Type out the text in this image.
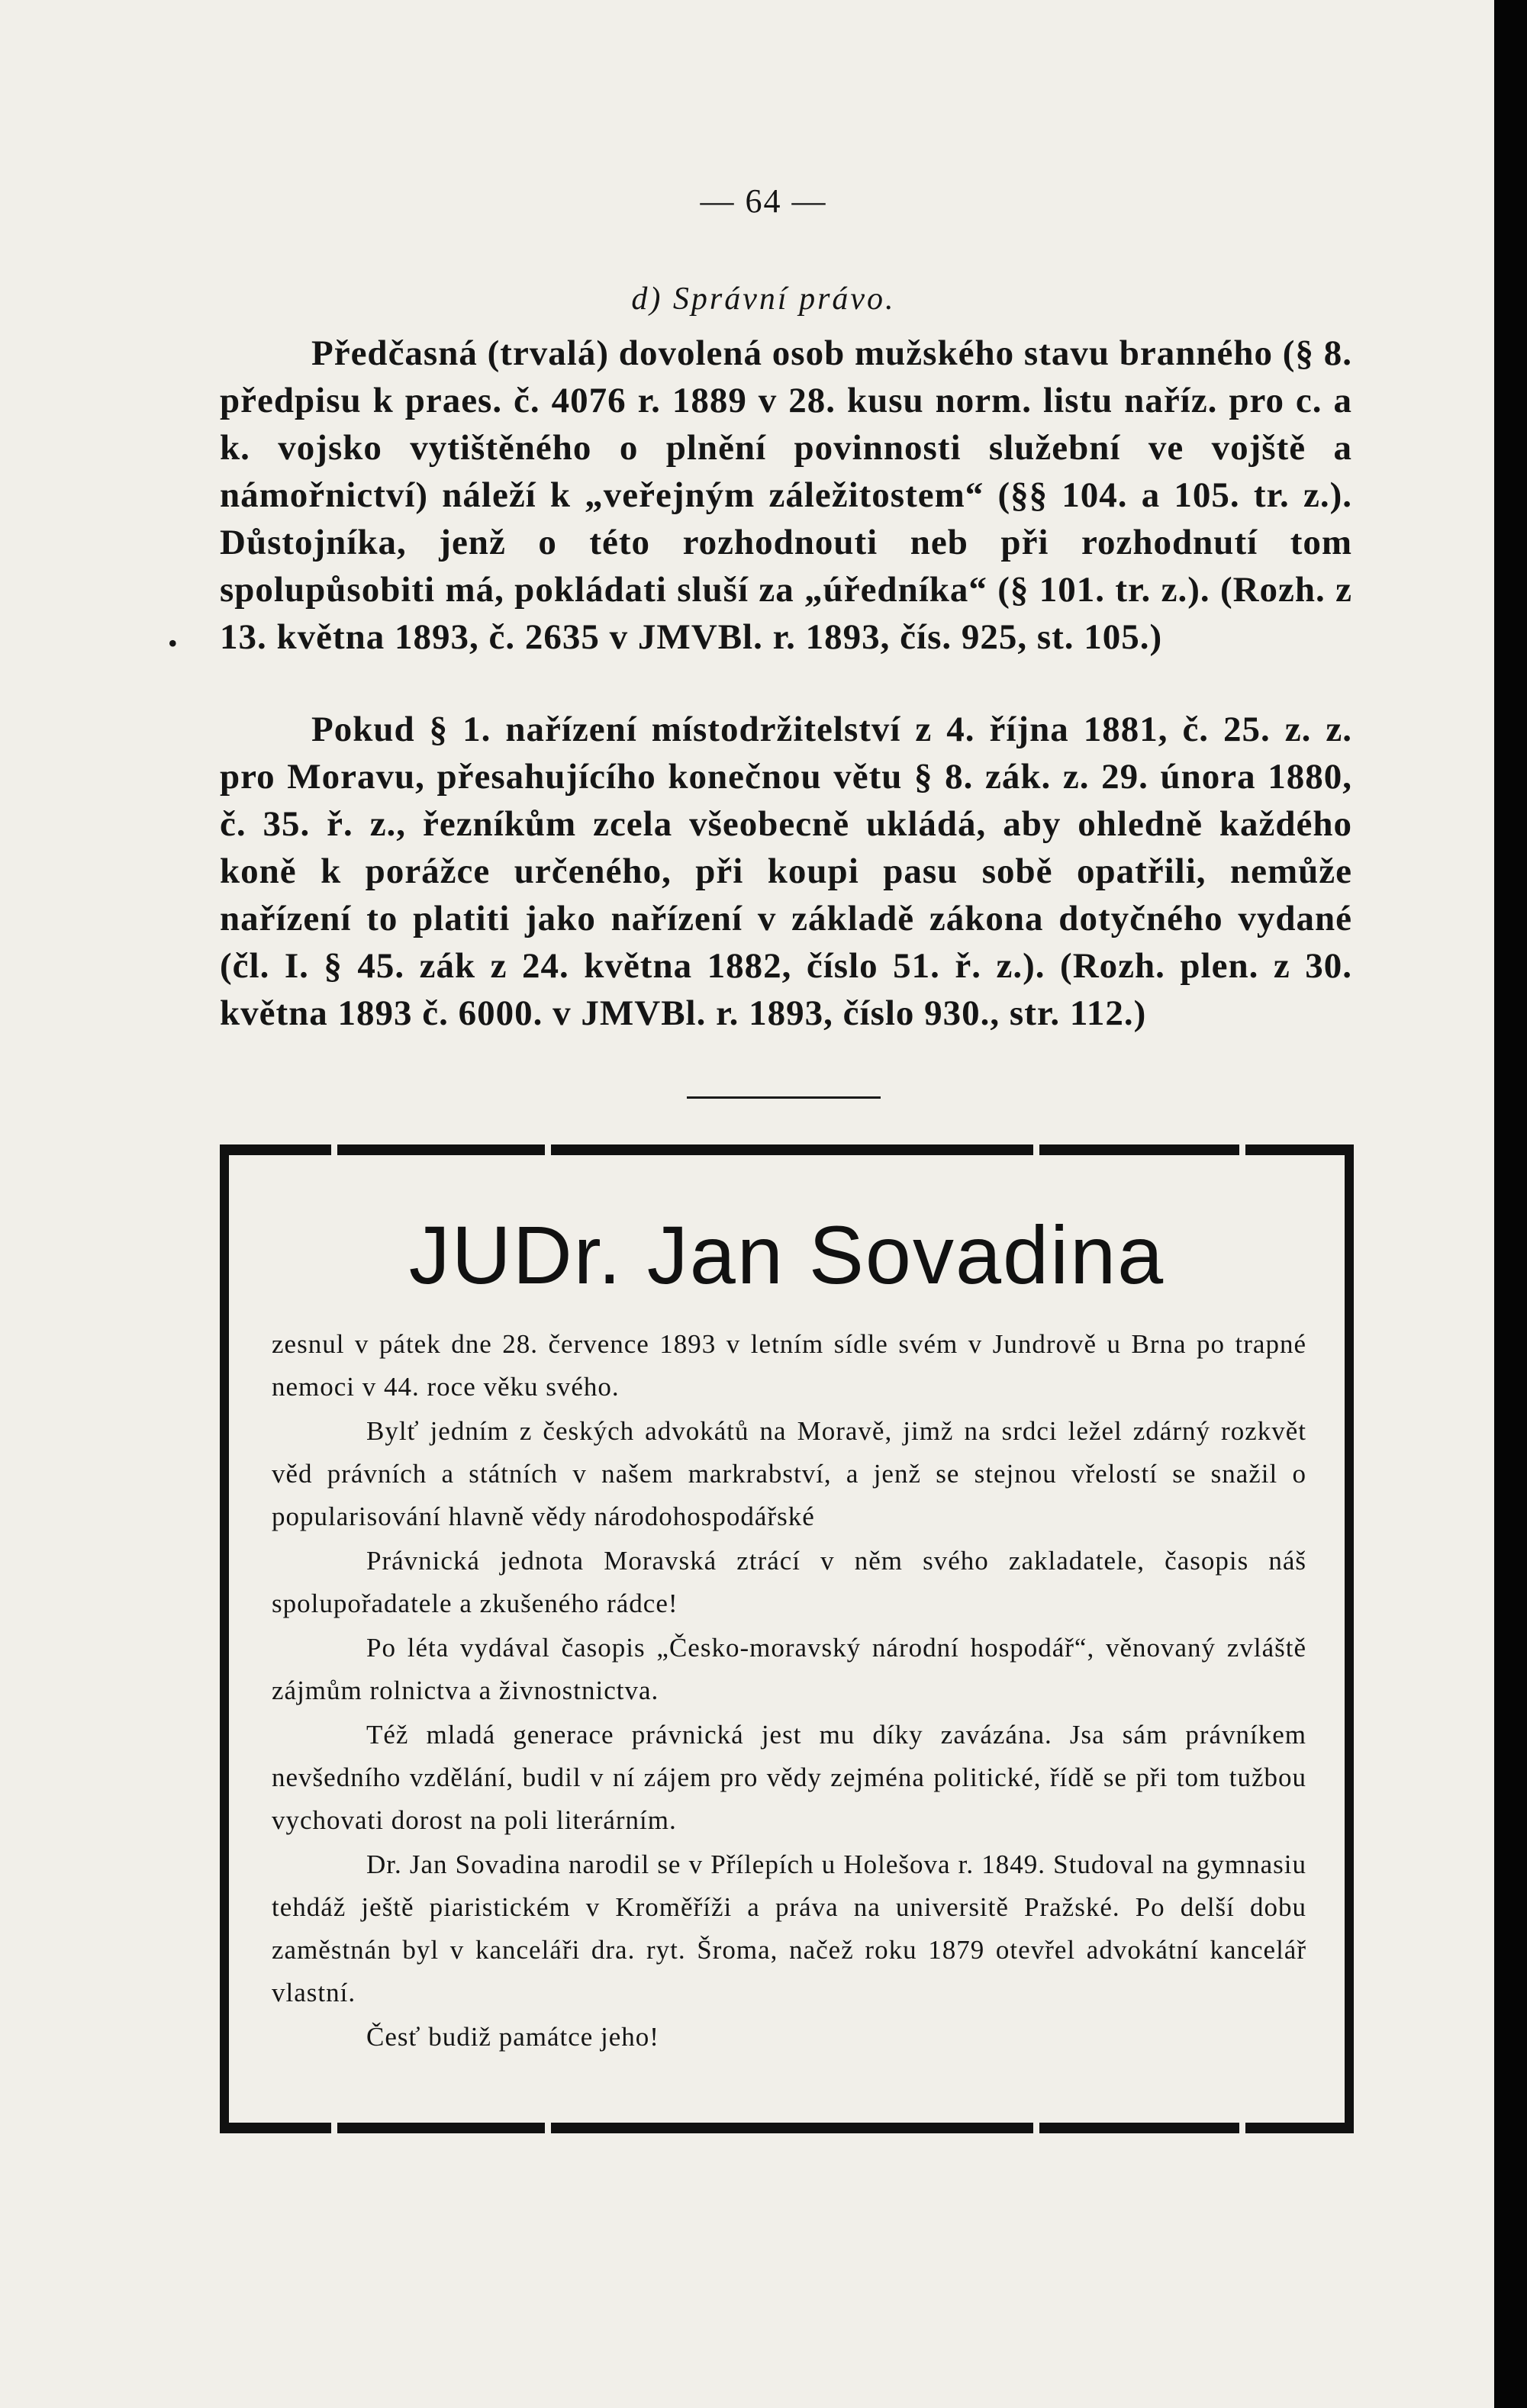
— 64 —
d) Správní právo.
Předčasná (trvalá) dovolená osob mužského stavu branného (§ 8. předpisu k praes. č. 4076 r. 1889 v 28. kusu norm. listu naříz. pro c. a k. vojsko vytištěného o plnění povinnosti služební ve vojště a námořnictví) náleží k „veřejným záležitostem“ (§§ 104. a 105. tr. z.). Důstojníka, jenž o této rozhodnouti neb při rozhodnutí tom spolupůsobiti má, pokládati sluší za „úředníka“ (§ 101. tr. z.). (Rozh. z 13. května 1893, č. 2635 v JMVBl. r. 1893, čís. 925, st. 105.)
•
Pokud § 1. nařízení místodržitelství z 4. října 1881, č. 25. z. z. pro Moravu, přesahujícího konečnou větu § 8. zák. z. 29. února 1880, č. 35. ř. z., řezníkům zcela všeobecně ukládá, aby ohledně každého koně k porážce určeného, při koupi pasu sobě opatřili, nemůže nařízení to platiti jako nařízení v základě zákona dotyčného vydané (čl. I. § 45. zák z 24. května 1882, číslo 51. ř. z.). (Rozh. plen. z 30. května 1893 č. 6000. v JMVBl. r. 1893, číslo 930., str. 112.)
JUDr. Jan Sovadina

zesnul v pátek dne 28. července 1893 v letním sídle svém v Jundrově u Brna po trapné nemoci v 44. roce věku svého.

Bylť jedním z českých advokátů na Moravě, jimž na srdci ležel zdárný rozkvět věd právních a státních v našem markrabství, a jenž se stejnou vřelostí se snažil o popularisování hlavně vědy národohospodářské

Právnická jednota Moravská ztrácí v něm svého zakladatele, časopis náš spolupořadatele a zkušeného rádce!

Po léta vydával časopis „Česko-moravský národní hospodář“, věnovaný zvláště zájmům rolnictva a živnostnictva.

Též mladá generace právnická jest mu díky zavázána. Jsa sám právníkem nevšedního vzdělání, budil v ní zájem pro vědy zejména politické, řídě se při tom tužbou vychovati dorost na poli literárním.

Dr. Jan Sovadina narodil se v Přílepích u Holešova r. 1849. Studoval na gymnasiu tehdáž ještě piaristickém v Kroměříži a práva na universitě Pražské. Po delší dobu zaměstnán byl v kanceláři dra. ryt. Šroma, načež roku 1879 otevřel advokátní kancelář vlastní.

Česť budiž památce jeho!
